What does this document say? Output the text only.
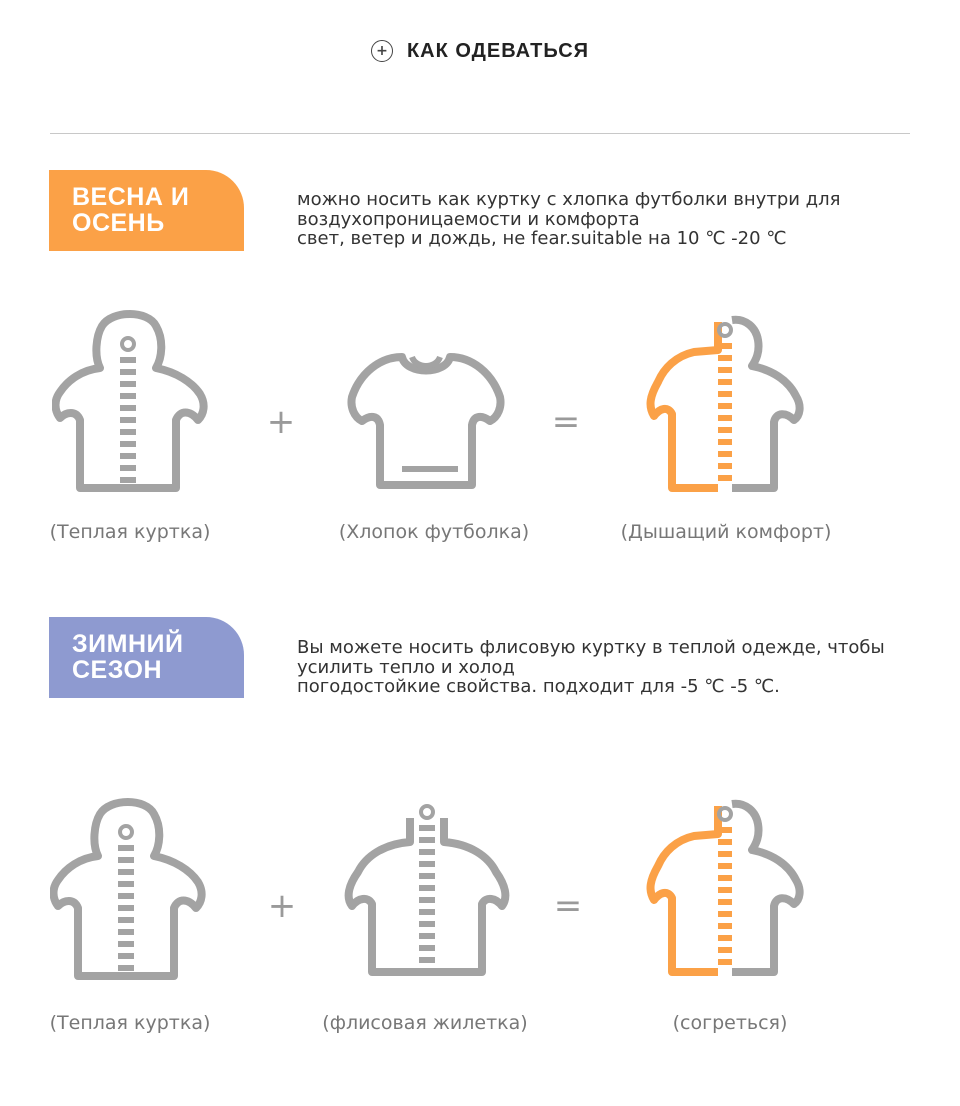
+ КАК ОДЕВАТЬСЯ
ВЕСНА И
ОСЕНЬ
можно носить как куртку с хлопка футболки внутри для
воздухопроницаемости и комфорта
свет, ветер и дождь, не fear.suitable на 10 ℃ -20 ℃
+	=
(Теплая куртка)	(Хлопок футболка)	(Дышащий комфорт)
ЗИМНИЙ
СЕЗОН
Вы можете носить флисовую куртку в теплой одежде, чтобы
усилить тепло и холод
погодостойкие свойства. подходит для -5 ℃ -5 ℃.
+	=
(Теплая куртка)	(флисовая жилетка)	(согреться)
